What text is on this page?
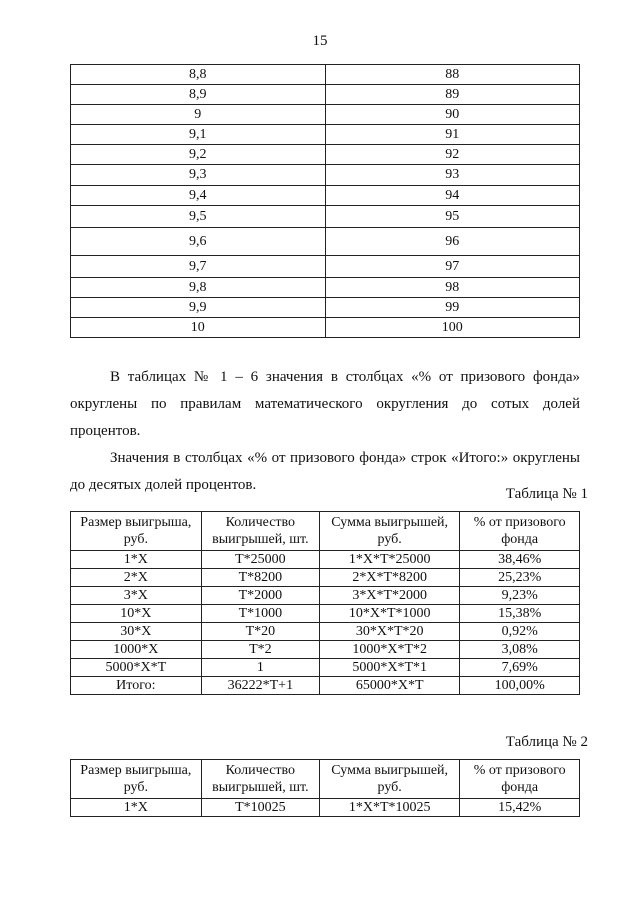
15
8,8	88
8,9	89
9	90
9,1	91
9,2	92
9,3	93
9,4	94
9,5	95
9,6	96
9,7	97
9,8	98
9,9	99
10	100

В таблицах № 1 – 6 значения в столбцах «% от призового фонда» округлены по правилам математического округления до сотых долей процентов.

Значения в столбцах «% от призового фонда» строк «Итого:» округлены до десятых долей процентов.

Таблица № 1
Размер выигрыша, руб.	Количество выигрышей, шт.	Сумма выигрышей, руб.	% от призового фонда
1*Х	Т*25000	1*Х*Т*25000	38,46%
2*Х	Т*8200	2*Х*Т*8200	25,23%
3*Х	Т*2000	3*Х*Т*2000	9,23%
10*Х	Т*1000	10*Х*Т*1000	15,38%
30*Х	Т*20	30*Х*Т*20	0,92%
1000*Х	Т*2	1000*Х*Т*2	3,08%
5000*Х*Т	1	5000*Х*Т*1	7,69%
Итого:	36222*Т+1	65000*Х*Т	100,00%
Таблица № 2
Размер выигрыша, руб.	Количество выигрышей, шт.	Сумма выигрышей, руб.	% от призового фонда
1*Х	Т*10025	1*Х*Т*10025	15,42%
